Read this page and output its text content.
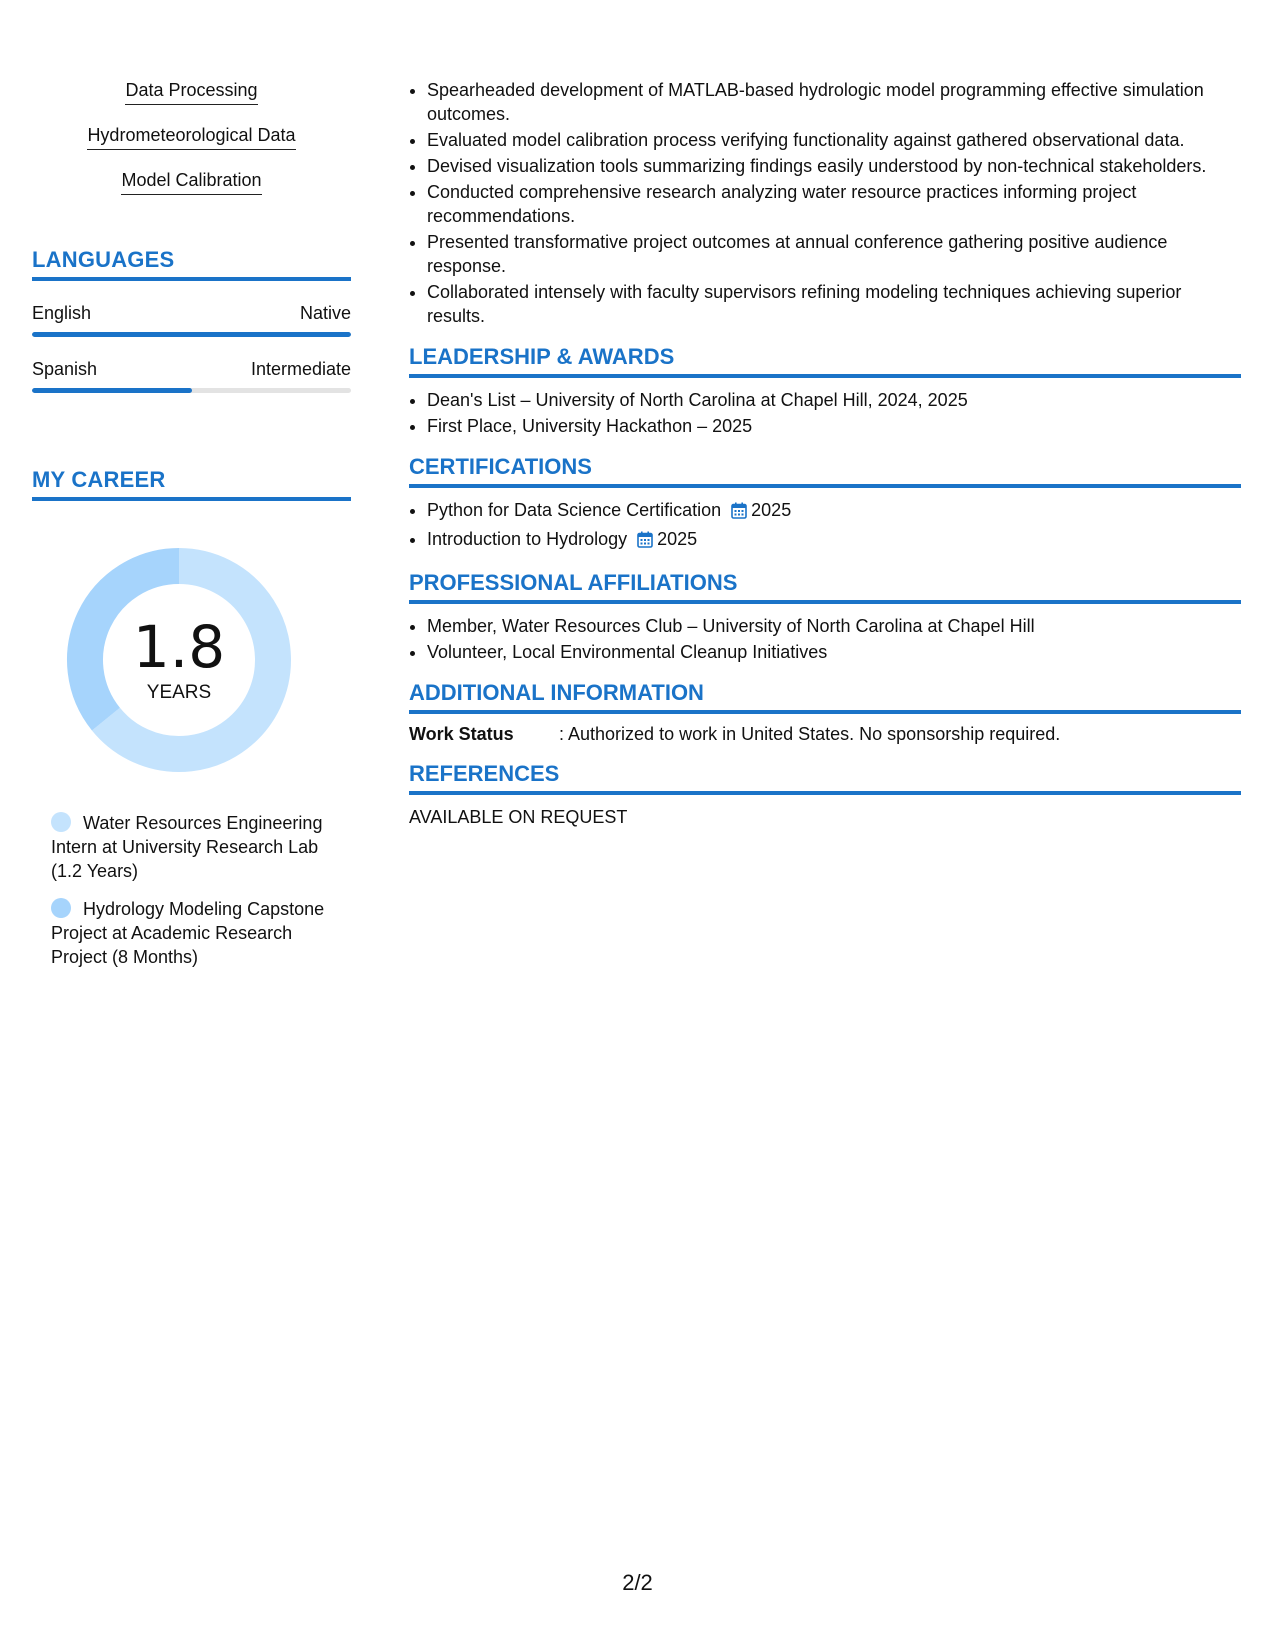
Data Processing
Hydrometeorological Data
Model Calibration
LANGUAGES
English	Native
Spanish	Intermediate
MY CAREER
1.8
YEARS
Water Resources Engineering Intern at University Research Lab (1.2 Years)
Hydrology Modeling Capstone Project at Academic Research Project (8 Months)
• Spearheaded development of MATLAB-based hydrologic model programming effective simulation outcomes.
• Evaluated model calibration process verifying functionality against gathered observational data.
• Devised visualization tools summarizing findings easily understood by non-technical stakeholders.
• Conducted comprehensive research analyzing water resource practices informing project recommendations.
• Presented transformative project outcomes at annual conference gathering positive audience response.
• Collaborated intensely with faculty supervisors refining modeling techniques achieving superior results.
LEADERSHIP & AWARDS
• Dean's List – University of North Carolina at Chapel Hill, 2024, 2025
• First Place, University Hackathon – 2025
CERTIFICATIONS
• Python for Data Science Certification 2025
• Introduction to Hydrology 2025
PROFESSIONAL AFFILIATIONS
• Member, Water Resources Club – University of North Carolina at Chapel Hill
• Volunteer, Local Environmental Cleanup Initiatives
ADDITIONAL INFORMATION
Work Status	: Authorized to work in United States. No sponsorship required.
REFERENCES
AVAILABLE ON REQUEST
2/2
